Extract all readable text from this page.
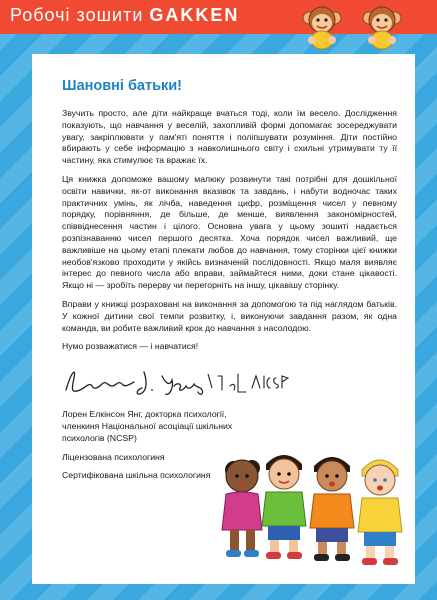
Робочі зошити GAKKEN
Шановні батьки!

Звучить просто, але діти найкраще вчаться тоді, коли їм весело. Дослідження показують, що навчання у веселій, захопливій формі допомагає зосереджувати увагу, закріплювати у пам'яті поняття і поліпшувати розуміння. Діти постійно вбирають у себе інформацію з навколишнього світу і схильні утримувати ту її частину, яка стимулює та вражає їх.

Ця книжка допоможе вашому малюку розвинути такі потрібні для дошкільної освіти навички, як-от виконання вказівок та завдань, і набути водночас таких практичних умінь, як лічба, наведення цифр, розміщення чисел у певному порядку, порівняння, де більше, де менше, виявлення закономірностей, співвіднесення частин і цілого. Основна увага у цьому зошиті надається розпізнаванню чисел першого десятка. Хоча порядок чисел важливий, ще важливіше на цьому етапі плекати любов до навчання, тому сторінки цієї книжки необов'язково проходити у якійсь визначеній послідовності. Якщо маля виявляє інтерес до певного числа або вправи, займайтеся ними, доки стане цікавості. Якщо ні — зробіть перерву чи перегорніть на іншу, цікавішу сторінку.

Вправи у книжці розраховані на виконання за допомогою та під наглядом батьків. У кожної дитини свої темпи розвитку, і, виконуючи завдання разом, як одна команда, ви робите важливий крок до навчання з насолодою.

Нумо розважатися — і навчатися!

Лорен Елкінсон Янг, докторка психології, членкиня Національної асоціації шкільних психологів (NCSP)
Ліцензована психологиня
Сертифікована шкільна психологиня
